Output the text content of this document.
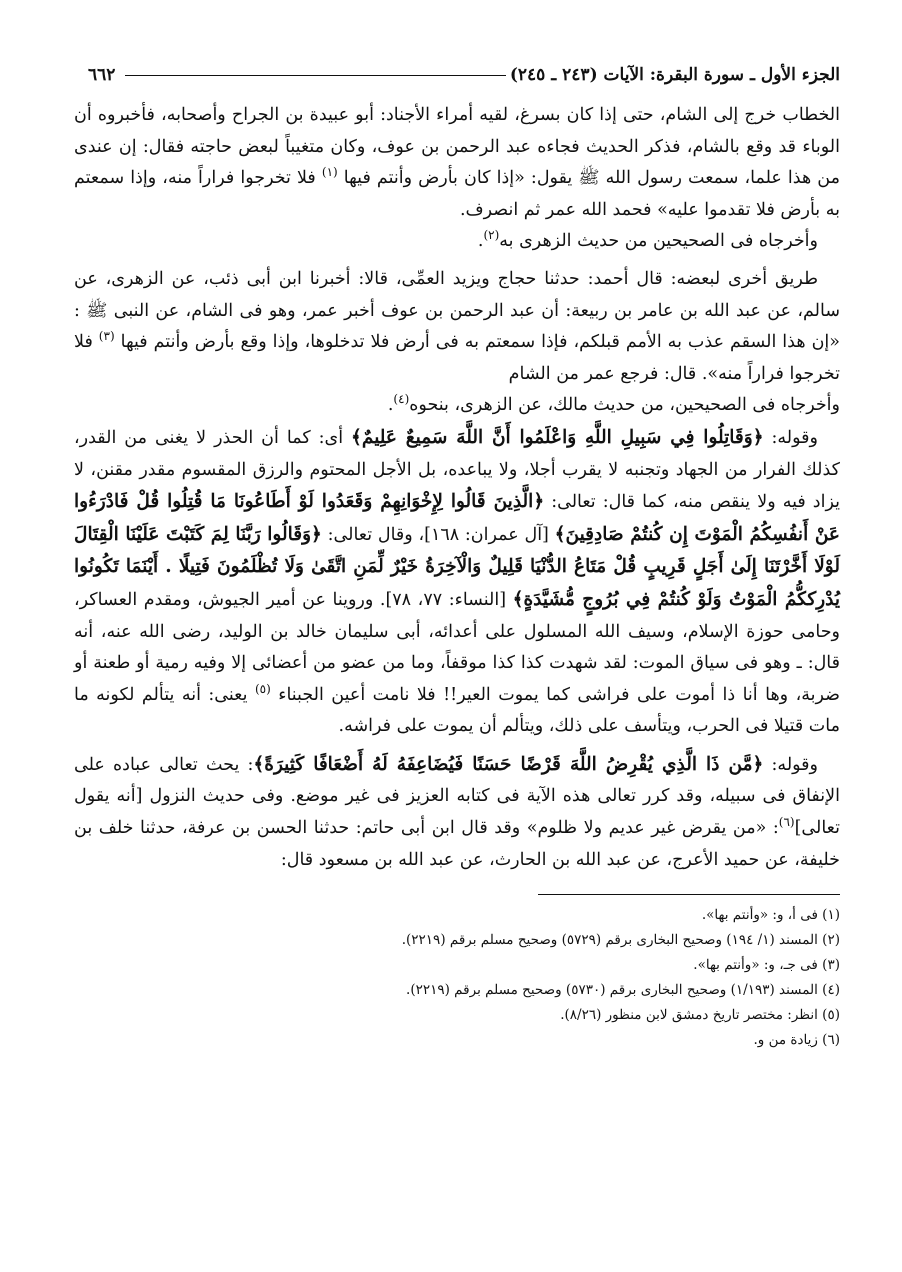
الجزء الأول ـ سورة البقرة: الآيات (٢٤٣ ـ ٢٤٥)
٦٦٢

الخطاب خرج إلى الشام، حتى إذا كان بسرغ، لقيه أمراء الأجناد: أبو عبيدة بن الجراح وأصحابه، فأخبروه أن الوباء قد وقع بالشام، فذكر الحديث فجاءه عبد الرحمن بن عوف، وكان متغيباً لبعض حاجته فقال: إن عندى من هذا علما، سمعت رسول الله ﷺ يقول: «إذا كان بأرض وأنتم فيها $^{(١)}$ فلا تخرجوا فراراً منه، وإذا سمعتم به بأرض فلا تقدموا عليه» فحمد الله عمر ثم انصرف.

وأخرجاه فى الصحيحين من حديث الزهرى به$^{(٢)}$.

طريق أخرى لبعضه: قال أحمد: حدثنا حجاج ويزيد العمِّى، قالا: أخبرنا ابن أبى ذئب، عن الزهرى، عن سالم، عن عبد الله بن عامر بن ربيعة: أن عبد الرحمن بن عوف أخبر عمر، وهو فى الشام، عن النبى ﷺ : «إن هذا السقم عذب به الأمم قبلكم، فإذا سمعتم به فى أرض فلا تدخلوها، وإذا وقع بأرض وأنتم فيها $^{(٣)}$ فلا تخرجوا فراراً منه». قال: فرجع عمر من الشام

وأخرجاه فى الصحيحين، من حديث مالك، عن الزهرى، بنحوه$^{(٤)}$.

وقوله: ﴿وَقَاتِلُوا فِي سَبِيلِ اللَّهِ وَاعْلَمُوا أَنَّ اللَّهَ سَمِيعٌ عَلِيمٌ﴾ أى: كما أن الحذر لا يغنى من القدر، كذلك الفرار من الجهاد وتجنبه لا يقرب أجلا، ولا يباعده، بل الأجل المحتوم والرزق المقسوم مقدر مقنن، لا يزاد فيه ولا ينقص منه، كما قال: تعالى: ﴿الَّذِينَ قَالُوا لِإِخْوَانِهِمْ وَقَعَدُوا لَوْ أَطَاعُونَا مَا قُتِلُوا قُلْ فَادْرَءُوا عَنْ أَنفُسِكُمُ الْمَوْتَ إِن كُنتُمْ صَادِقِينَ﴾ [آل عمران: ١٦٨]، وقال تعالى: ﴿وَقَالُوا رَبَّنَا لِمَ كَتَبْتَ عَلَيْنَا الْقِتَالَ لَوْلَا أَخَّرْتَنَا إِلَىٰ أَجَلٍ قَرِيبٍ قُلْ مَتَاعُ الدُّنْيَا قَلِيلٌ وَالْآخِرَةُ خَيْرٌ لِّمَنِ اتَّقَىٰ وَلَا تُظْلَمُونَ فَتِيلًا . أَيْنَمَا تَكُونُوا يُدْرِككُّمُ الْمَوْتُ وَلَوْ كُنتُمْ فِي بُرُوجٍ مُّشَيَّدَةٍ﴾ [النساء: ٧٧، ٧٨]. وروينا عن أمير الجيوش، ومقدم العساكر، وحامى حوزة الإسلام، وسيف الله المسلول على أعدائه، أبى سليمان خالد بن الوليد، رضى الله عنه، أنه قال: ـ وهو فى سياق الموت: لقد شهدت كذا كذا موقفاً، وما من عضو من أعضائى إلا وفيه رمية أو طعنة أو ضربة، وها أنا ذا أموت على فراشى كما يموت العير!! فلا نامت أعين الجبناء $^{(٥)}$ يعنى: أنه يتألم لكونه ما مات قتيلا فى الحرب، ويتأسف على ذلك، ويتألم أن يموت على فراشه.

وقوله: ﴿مَّن ذَا الَّذِي يُقْرِضُ اللَّهَ قَرْضًا حَسَنًا فَيُضَاعِفَهُ لَهُ أَضْعَافًا كَثِيرَةً﴾: يحث تعالى عباده على الإنفاق فى سبيله، وقد كرر تعالى هذه الآية فى كتابه العزيز فى غير موضع. وفى حديث النزول [أنه يقول تعالى]$^{(٦)}$: «من يقرض غير عديم ولا ظلوم» وقد قال ابن أبى حاتم: حدثنا الحسن بن عرفة، حدثنا خلف بن خليفة، عن حميد الأعرج، عن عبد الله بن الحارث، عن عبد الله بن مسعود قال:

(١) فى أ، و: «وأنتم بها».

(٢) المسند (١/ ١٩٤) وصحيح البخارى برقم (٥٧٢٩) وصحيح مسلم برقم (٢٢١٩).

(٣) فى جـ، و: «وأنتم بها».

(٤) المسند (١/١٩٣) وصحيح البخارى برقم (٥٧٣٠) وصحيح مسلم برقم (٢٢١٩).

(٥) انظر: مختصر تاريخ دمشق لابن منظور (٨/٢٦).

(٦) زيادة من و.
